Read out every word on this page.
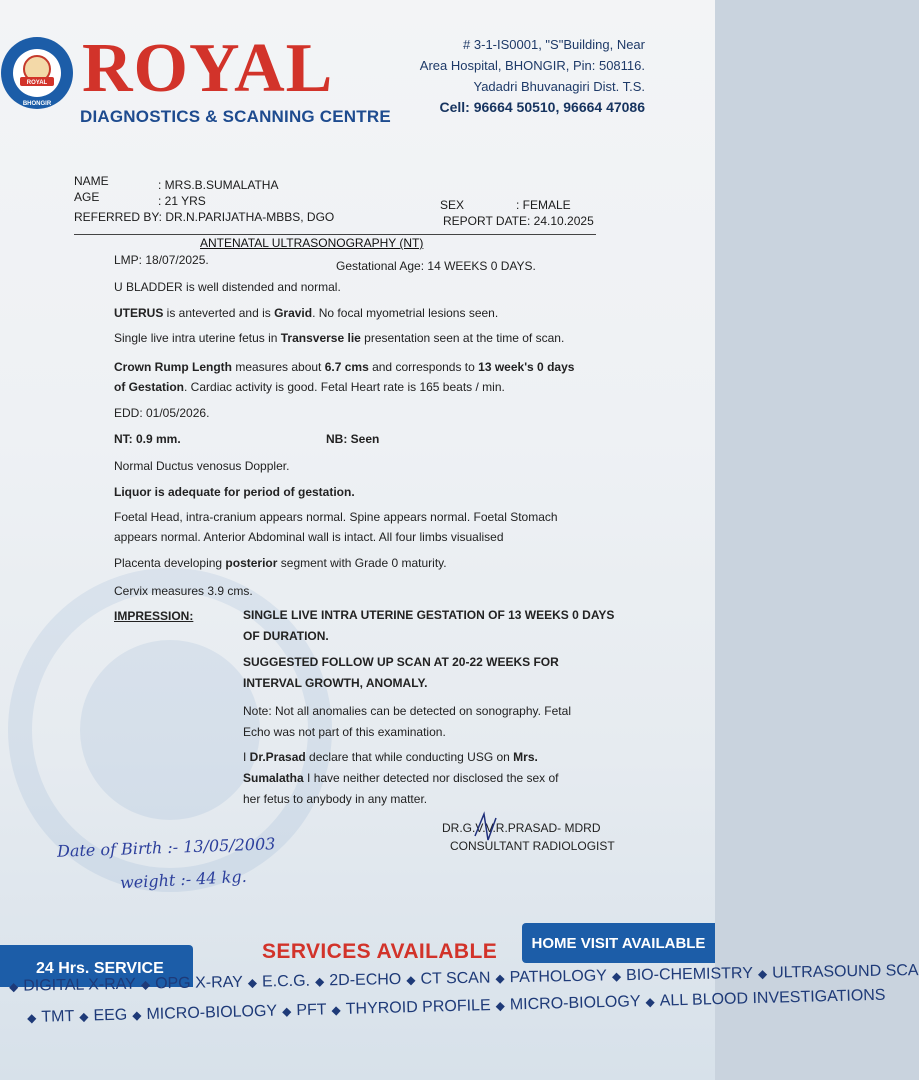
ROYAL
BHONGIR ROYAL
DIAGNOSTICS & SCANNING CENTRE
# 3-1-IS0001, "S"Building, Near
Area Hospital, BHONGIR, Pin: 508116.
Yadadri Bhuvanagiri Dist. T.S.
Cell: 96664 50510, 96664 47086
NAME	: MRS.B.SUMALATHA
AGE	: 21 YRS
REFERRED BY: DR.N.PARIJATHA-MBBS, DGO
SEX	: FEMALE
REPORT DATE: 24.10.2025
ANTENATAL ULTRASONOGRAPHY (NT)
LMP: 18/07/2025.	Gestational Age: 14 WEEKS 0 DAYS.
U BLADDER is well distended and normal.
UTERUS is anteverted and is Gravid. No focal myometrial lesions seen.
Single live intra uterine fetus in Transverse lie presentation seen at the time of scan.

Crown Rump Length measures about 6.7 cms and corresponds to 13 week's 0 days
of Gestation. Cardiac activity is good. Fetal Heart rate is 165 beats / min.

EDD: 01/05/2026.
NT: 0.9 mm.	NB: Seen
Normal Ductus venosus Doppler.
Liquor is adequate for period of gestation.

Foetal Head, intra-cranium appears normal. Spine appears normal. Foetal Stomach

appears normal. Anterior Abdominal wall is intact. All four limbs visualised

Placenta developing posterior segment with Grade 0 maturity.
Cervix measures 3.9 cms.
IMPRESSION:	SINGLE LIVE INTRA UTERINE GESTATION OF 13 WEEKS 0 DAYS
OF DURATION.
SUGGESTED FOLLOW UP SCAN AT 20-22 WEEKS FOR
INTERVAL GROWTH, ANOMALY.
Note: Not all anomalies can be detected on sonography. Fetal
Echo was not part of this examination.
I Dr.Prasad declare that while conducting USG on Mrs.
Sumalatha I have neither detected nor disclosed the sex of
her fetus to anybody in any matter.
DR.G.V.V.R.PRASAD- MDRD
CONSULTANT RADIOLOGIST
Date of Birth :- 13/05/2003
weight :- 44 kg.
HOME VISIT AVAILABLE
SERVICES AVAILABLE
24 Hrs. SERVICE
◆ DIGITAL X-RAY ◆ OPG X-RAY ◆ E.C.G. ◆ 2D-ECHO ◆ CT SCAN ◆ PATHOLOGY ◆ BIO-CHEMISTRY ◆ ULTRASOUND SCA
◆ TMT ◆ EEG ◆ MICRO-BIOLOGY ◆ PFT ◆ THYROID PROFILE ◆ MICRO-BIOLOGY ◆ ALL BLOOD INVESTIGATIONS
